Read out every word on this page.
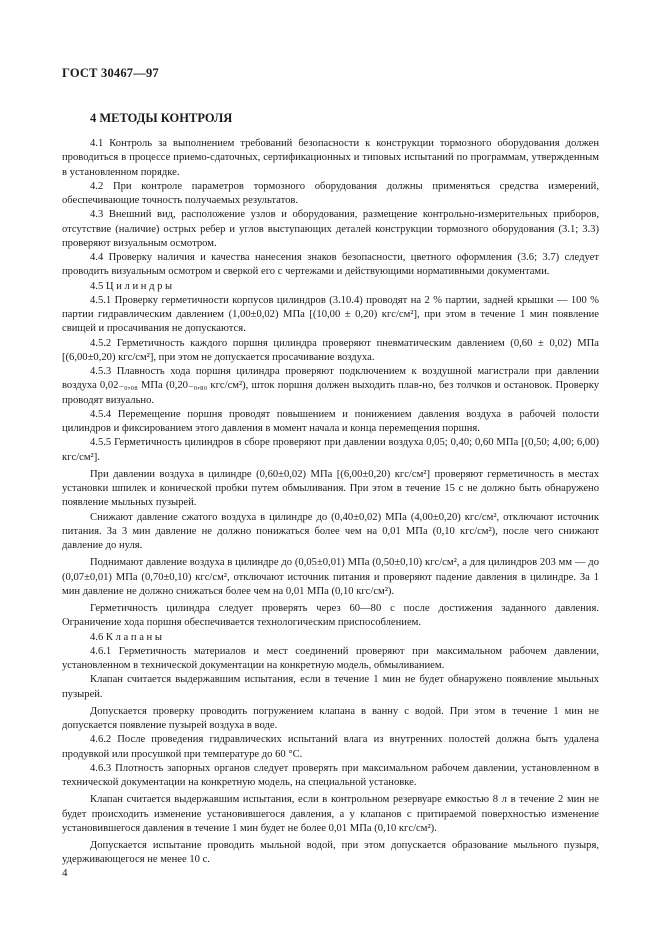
ГОСТ 30467—97
4 МЕТОДЫ КОНТРОЛЯ

4.1 Контроль за выполнением требований безопасности к конструкции тормозного оборудования должен проводиться в процессе приемо-сдаточных, сертификационных и типовых испытаний по программам, утвержденным в установленном порядке.

4.2 При контроле параметров тормозного оборудования должны применяться средства измерений, обеспечивающие точность получаемых результатов.

4.3 Внешний вид, расположение узлов и оборудования, размещение контрольно-измерительных приборов, отсутствие (наличие) острых ребер и углов выступающих деталей конструкции тормозного оборудования (3.1; 3.3) проверяют визуальным осмотром.

4.4 Проверку наличия и качества нанесения знаков безопасности, цветного оформления (3.6; 3.7) следует проводить визуальным осмотром и сверкой его с чертежами и действующими нормативными документами.

4.5 Ц и л и н д р ы

4.5.1 Проверку герметичности корпусов цилиндров (3.10.4) проводят на 2 % партии, задней крышки — 100 % партии гидравлическим давлением (1,00±0,02) МПа [(10,00 ± 0,20) кгс/см²], при этом в течение 1 мин появление свищей и просачивания не допускаются.

4.5.2 Герметичность каждого поршня цилиндра проверяют пневматическим давлением (0,60 ± 0,02) МПа [(6,00±0,20) кгс/см²], при этом не допускается просачивание воздуха.

4.5.3 Плавность хода поршня цилиндра проверяют подключением к воздушной магистрали при давлении воздуха 0,02₋₀,₀₈ МПа (0,20₋₀,₈₀ кгс/см²), шток поршня должен выходить плав-но, без толчков и остановок. Проверку проводят визуально.

4.5.4 Перемещение поршня проводят повышением и понижением давления воздуха в рабочей полости цилиндров и фиксированием этого давления в момент начала и конца перемещения поршня.

4.5.5 Герметичность цилиндров в сборе проверяют при давлении воздуха 0,05; 0,40; 0,60 МПа [(0,50; 4,00; 6,00) кгс/см²].

При давлении воздуха в цилиндре (0,60±0,02) МПа [(6,00±0,20) кгс/см²] проверяют герметичность в местах установки шпилек и конической пробки путем обмыливания. При этом в течение 15 с не должно быть обнаружено появление мыльных пузырей.

Снижают давление сжатого воздуха в цилиндре до (0,40±0,02) МПа (4,00±0,20) кгс/см², отключают источник питания. За 3 мин давление не должно понижаться более чем на 0,01 МПа (0,10 кгс/см²), после чего снижают давление до нуля.

Поднимают давление воздуха в цилиндре до (0,05±0,01) МПа (0,50±0,10) кгс/см², а для цилиндров 203 мм — до (0,07±0,01) МПа (0,70±0,10) кгс/см², отключают источник питания и проверяют падение давления в цилиндре. За 1 мин давление не должно снижаться более чем на 0,01 МПа (0,10 кгс/см²).

Герметичность цилиндра следует проверять через 60—80 с после достижения заданного давления. Ограничение хода поршня обеспечивается технологическим приспособлением.

4.6 К л а п а н ы

4.6.1 Герметичность материалов и мест соединений проверяют при максимальном рабочем давлении, установленном в технической документации на конкретную модель, обмыливанием.

Клапан считается выдержавшим испытания, если в течение 1 мин не будет обнаружено появление мыльных пузырей.

Допускается проверку проводить погружением клапана в ванну с водой. При этом в течение 1 мин не допускается появление пузырей воздуха в воде.

4.6.2 После проведения гидравлических испытаний влага из внутренних полостей должна быть удалена продувкой или просушкой при температуре до 60 °С.

4.6.3 Плотность запорных органов следует проверять при максимальном рабочем давлении, установленном в технической документации на конкретную модель, на специальной установке.

Клапан считается выдержавшим испытания, если в контрольном резервуаре емкостью 8 л в течение 2 мин не будет происходить изменение установившегося давления, а у клапанов с притираемой поверхностью изменение установившегося давления в течение 1 мин будет не более 0,01 МПа (0,10 кгс/см²).

Допускается испытание проводить мыльной водой, при этом допускается образование мыльного пузыря, удерживающегося не менее 10 с.

4
